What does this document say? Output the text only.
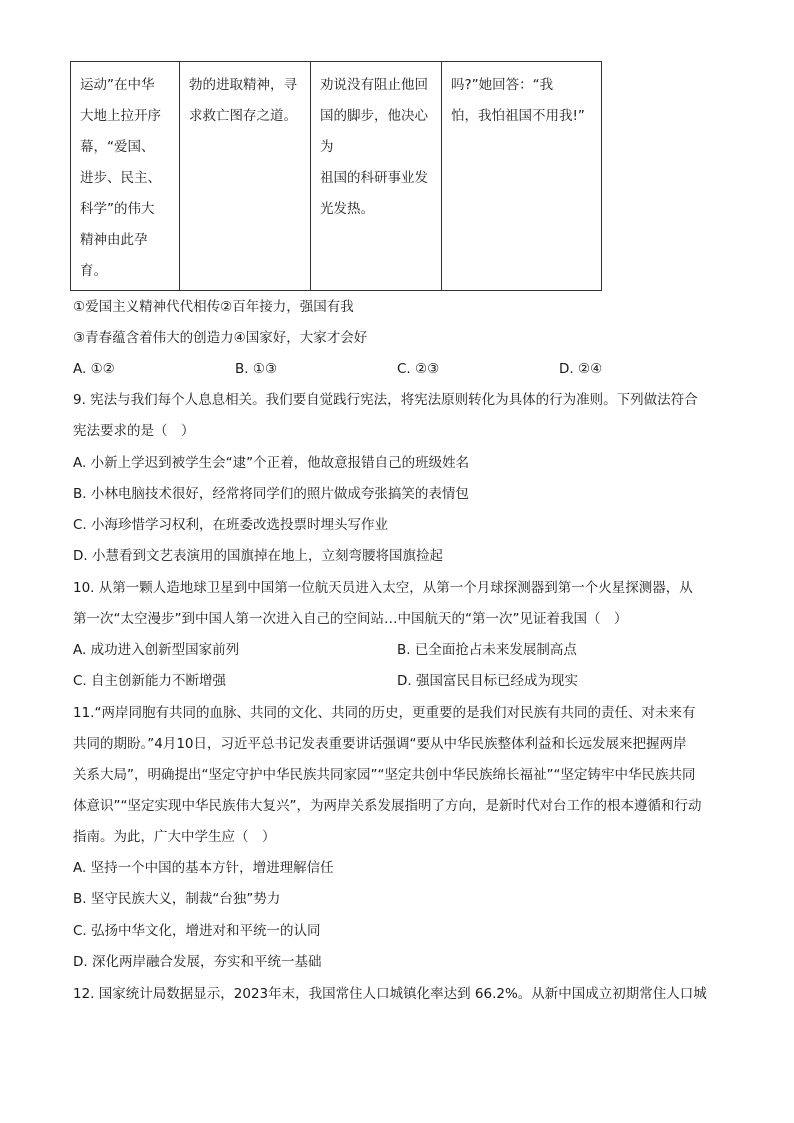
运动”在中华
大地上拉开序
幕，“爱国、
进步、民主、
科学”的伟大
精神由此孕
育。

勃的进取精神，寻
求救亡图存之道。

劝说没有阻止他回
国的脚步，他决心
为
祖国的科研事业发
光发热。

吗?”她回答：“我
怕，我怕祖国不用我!”
①爱国主义精神代代相传②百年接力，强国有我
③青春蕴含着伟大的创造力④国家好，大家才会好
A. ①②	B. ①③	C. ②③	D. ②④
9. 宪法与我们每个人息息相关。我们要自觉践行宪法，将宪法原则转化为具体的行为准则。下列做法符合
宪法要求的是（　）
A. 小新上学迟到被学生会“逮”个正着，他故意报错自己的班级姓名
B. 小林电脑技术很好，经常将同学们的照片做成夸张搞笑的表情包
C. 小海珍惜学习权利，在班委改选投票时埋头写作业
D. 小慧看到文艺表演用的国旗掉在地上，立刻弯腰将国旗捡起
10. 从第一颗人造地球卫星到中国第一位航天员进入太空，从第一个月球探测器到第一个火星探测器，从
第一次“太空漫步”到中国人第一次进入自己的空间站…中国航天的“第一次”见证着我国（　）
A. 成功进入创新型国家前列	B. 已全面抢占未来发展制高点
C. 自主创新能力不断增强	D. 强国富民目标已经成为现实
11.“两岸同胞有共同的血脉、共同的文化、共同的历史，更重要的是我们对民族有共同的责任、对未来有
共同的期盼。”4月10日，习近平总书记发表重要讲话强调“要从中华民族整体利益和长远发展来把握两岸
关系大局”，明确提出“坚定守护中华民族共同家园”“坚定共创中华民族绵长福祉”“坚定铸牢中华民族共同
体意识”“坚定实现中华民族伟大复兴”，为两岸关系发展指明了方向，是新时代对台工作的根本遵循和行动
指南。为此，广大中学生应（　）
A. 坚持一个中国的基本方针，增进理解信任
B. 坚守民族大义，制裁“台独”势力
C. 弘扬中华文化，增进对和平统一的认同
D. 深化两岸融合发展，夯实和平统一基础
12. 国家统计局数据显示，2023年末，我国常住人口城镇化率达到 66.2%。从新中国成立初期常住人口城
